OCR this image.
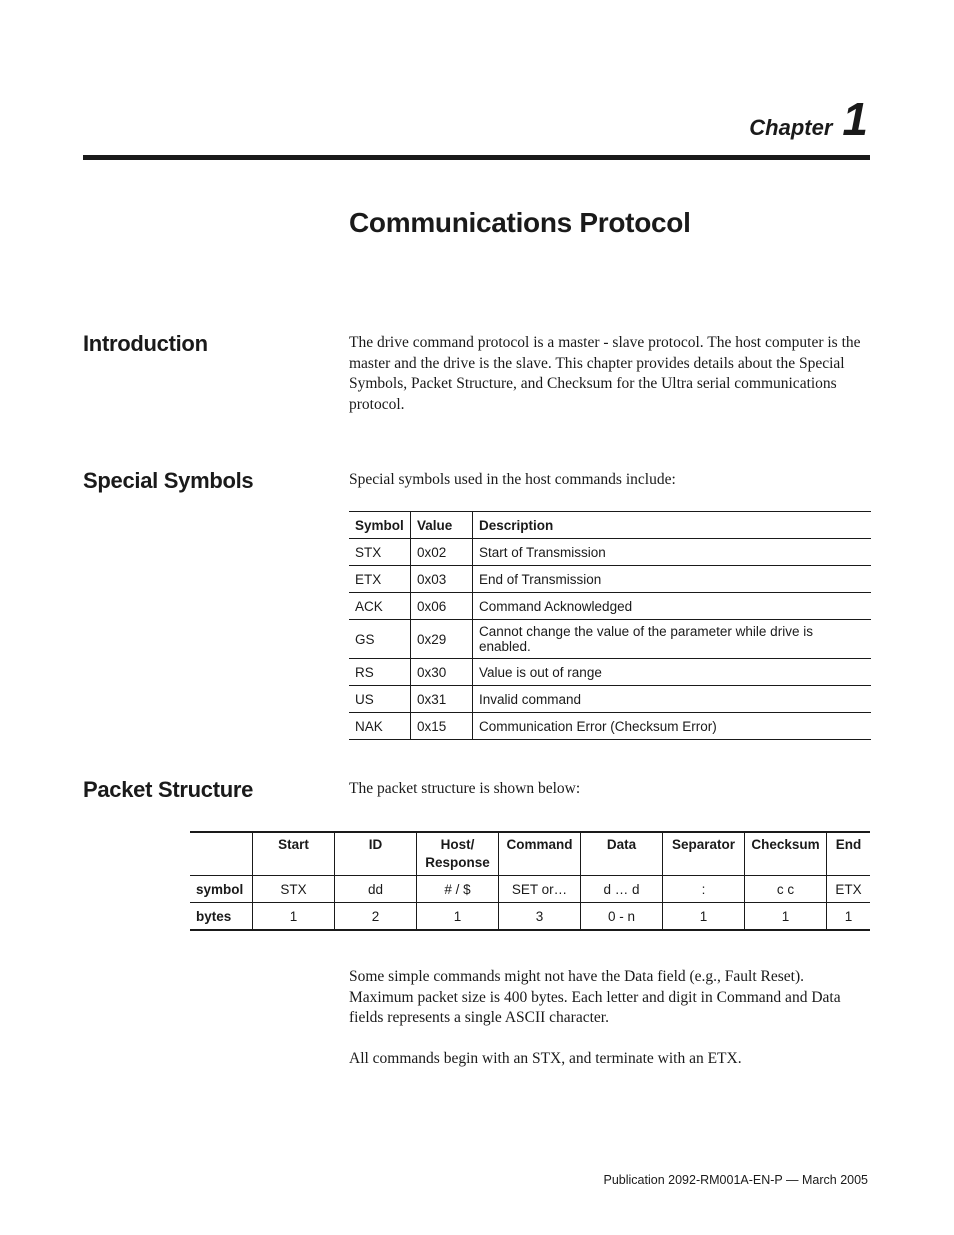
Chapter 1
Communications Protocol
Introduction	The drive command protocol is a master - slave protocol. The host computer is the master and the drive is the slave. This chapter provides details about the Special Symbols, Packet Structure, and Checksum for the Ultra serial communications protocol.

Special Symbols	Special symbols used in the host commands include:

Symbol	Value	Description
STX	0x02	Start of Transmission
ETX	0x03	End of Transmission
ACK	0x06	Command Acknowledged
GS	0x29	Cannot change the value of the parameter while drive is enabled.
RS	0x30	Value is out of range
US	0x31	Invalid command
NAK	0x15	Communication Error (Checksum Error)
Packet Structure	The packet structure is shown below:

	Start	ID	Host/ Response	Command	Data	Separator	Checksum	End
symbol	STX	dd	# / $	SET or…	d … d	:	c c	ETX
bytes	1	2	1	3	0 - n	1	1	1

Some simple commands might not have the Data field (e.g., Fault Reset). Maximum packet size is 400 bytes. Each letter and digit in Command and Data fields represents a single ASCII character.

All commands begin with an STX, and terminate with an ETX.

Publication 2092-RM001A-EN-P — March 2005
